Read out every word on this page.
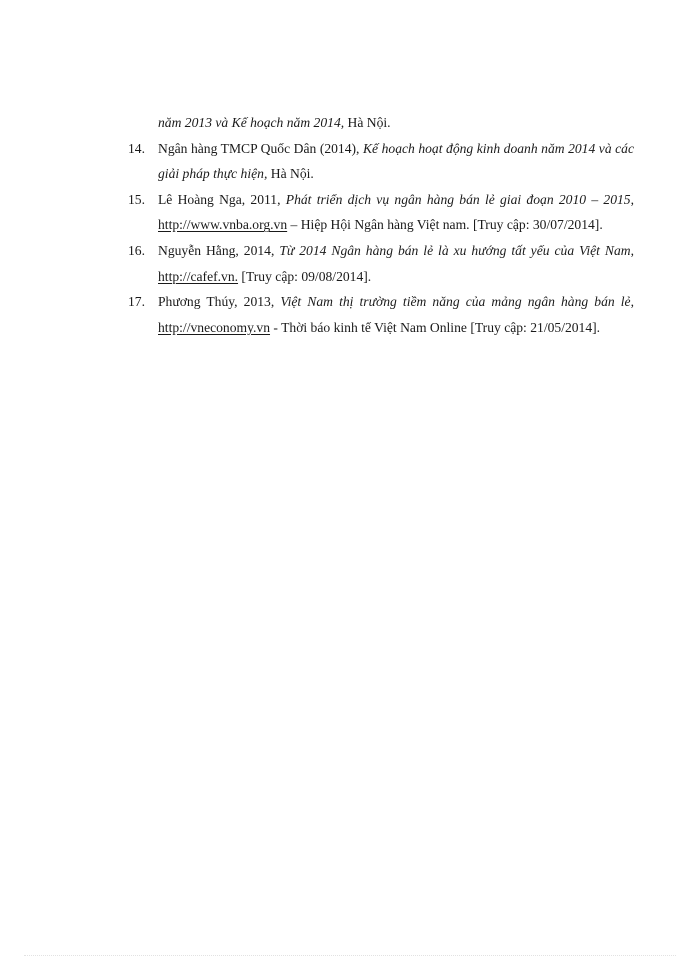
năm 2013 và Kế hoạch năm 2014, Hà Nội.
14. Ngân hàng TMCP Quốc Dân (2014), Kế hoạch hoạt động kinh doanh năm 2014 và các giải pháp thực hiện, Hà Nội.
15. Lê Hoàng Nga, 2011, Phát triển dịch vụ ngân hàng bán lẻ giai đoạn 2010 – 2015, http://www.vnba.org.vn – Hiệp Hội Ngân hàng Việt nam. [Truy cập: 30/07/2014].
16. Nguyễn Hằng, 2014, Từ 2014 Ngân hàng bán lẻ là xu hướng tất yếu của Việt Nam, http://cafef.vn. [Truy cập: 09/08/2014].
17. Phương Thúy, 2013, Việt Nam thị trường tiềm năng của mảng ngân hàng bán lẻ, http://vneconomy.vn - Thời báo kinh tế Việt Nam Online [Truy cập: 21/05/2014].
